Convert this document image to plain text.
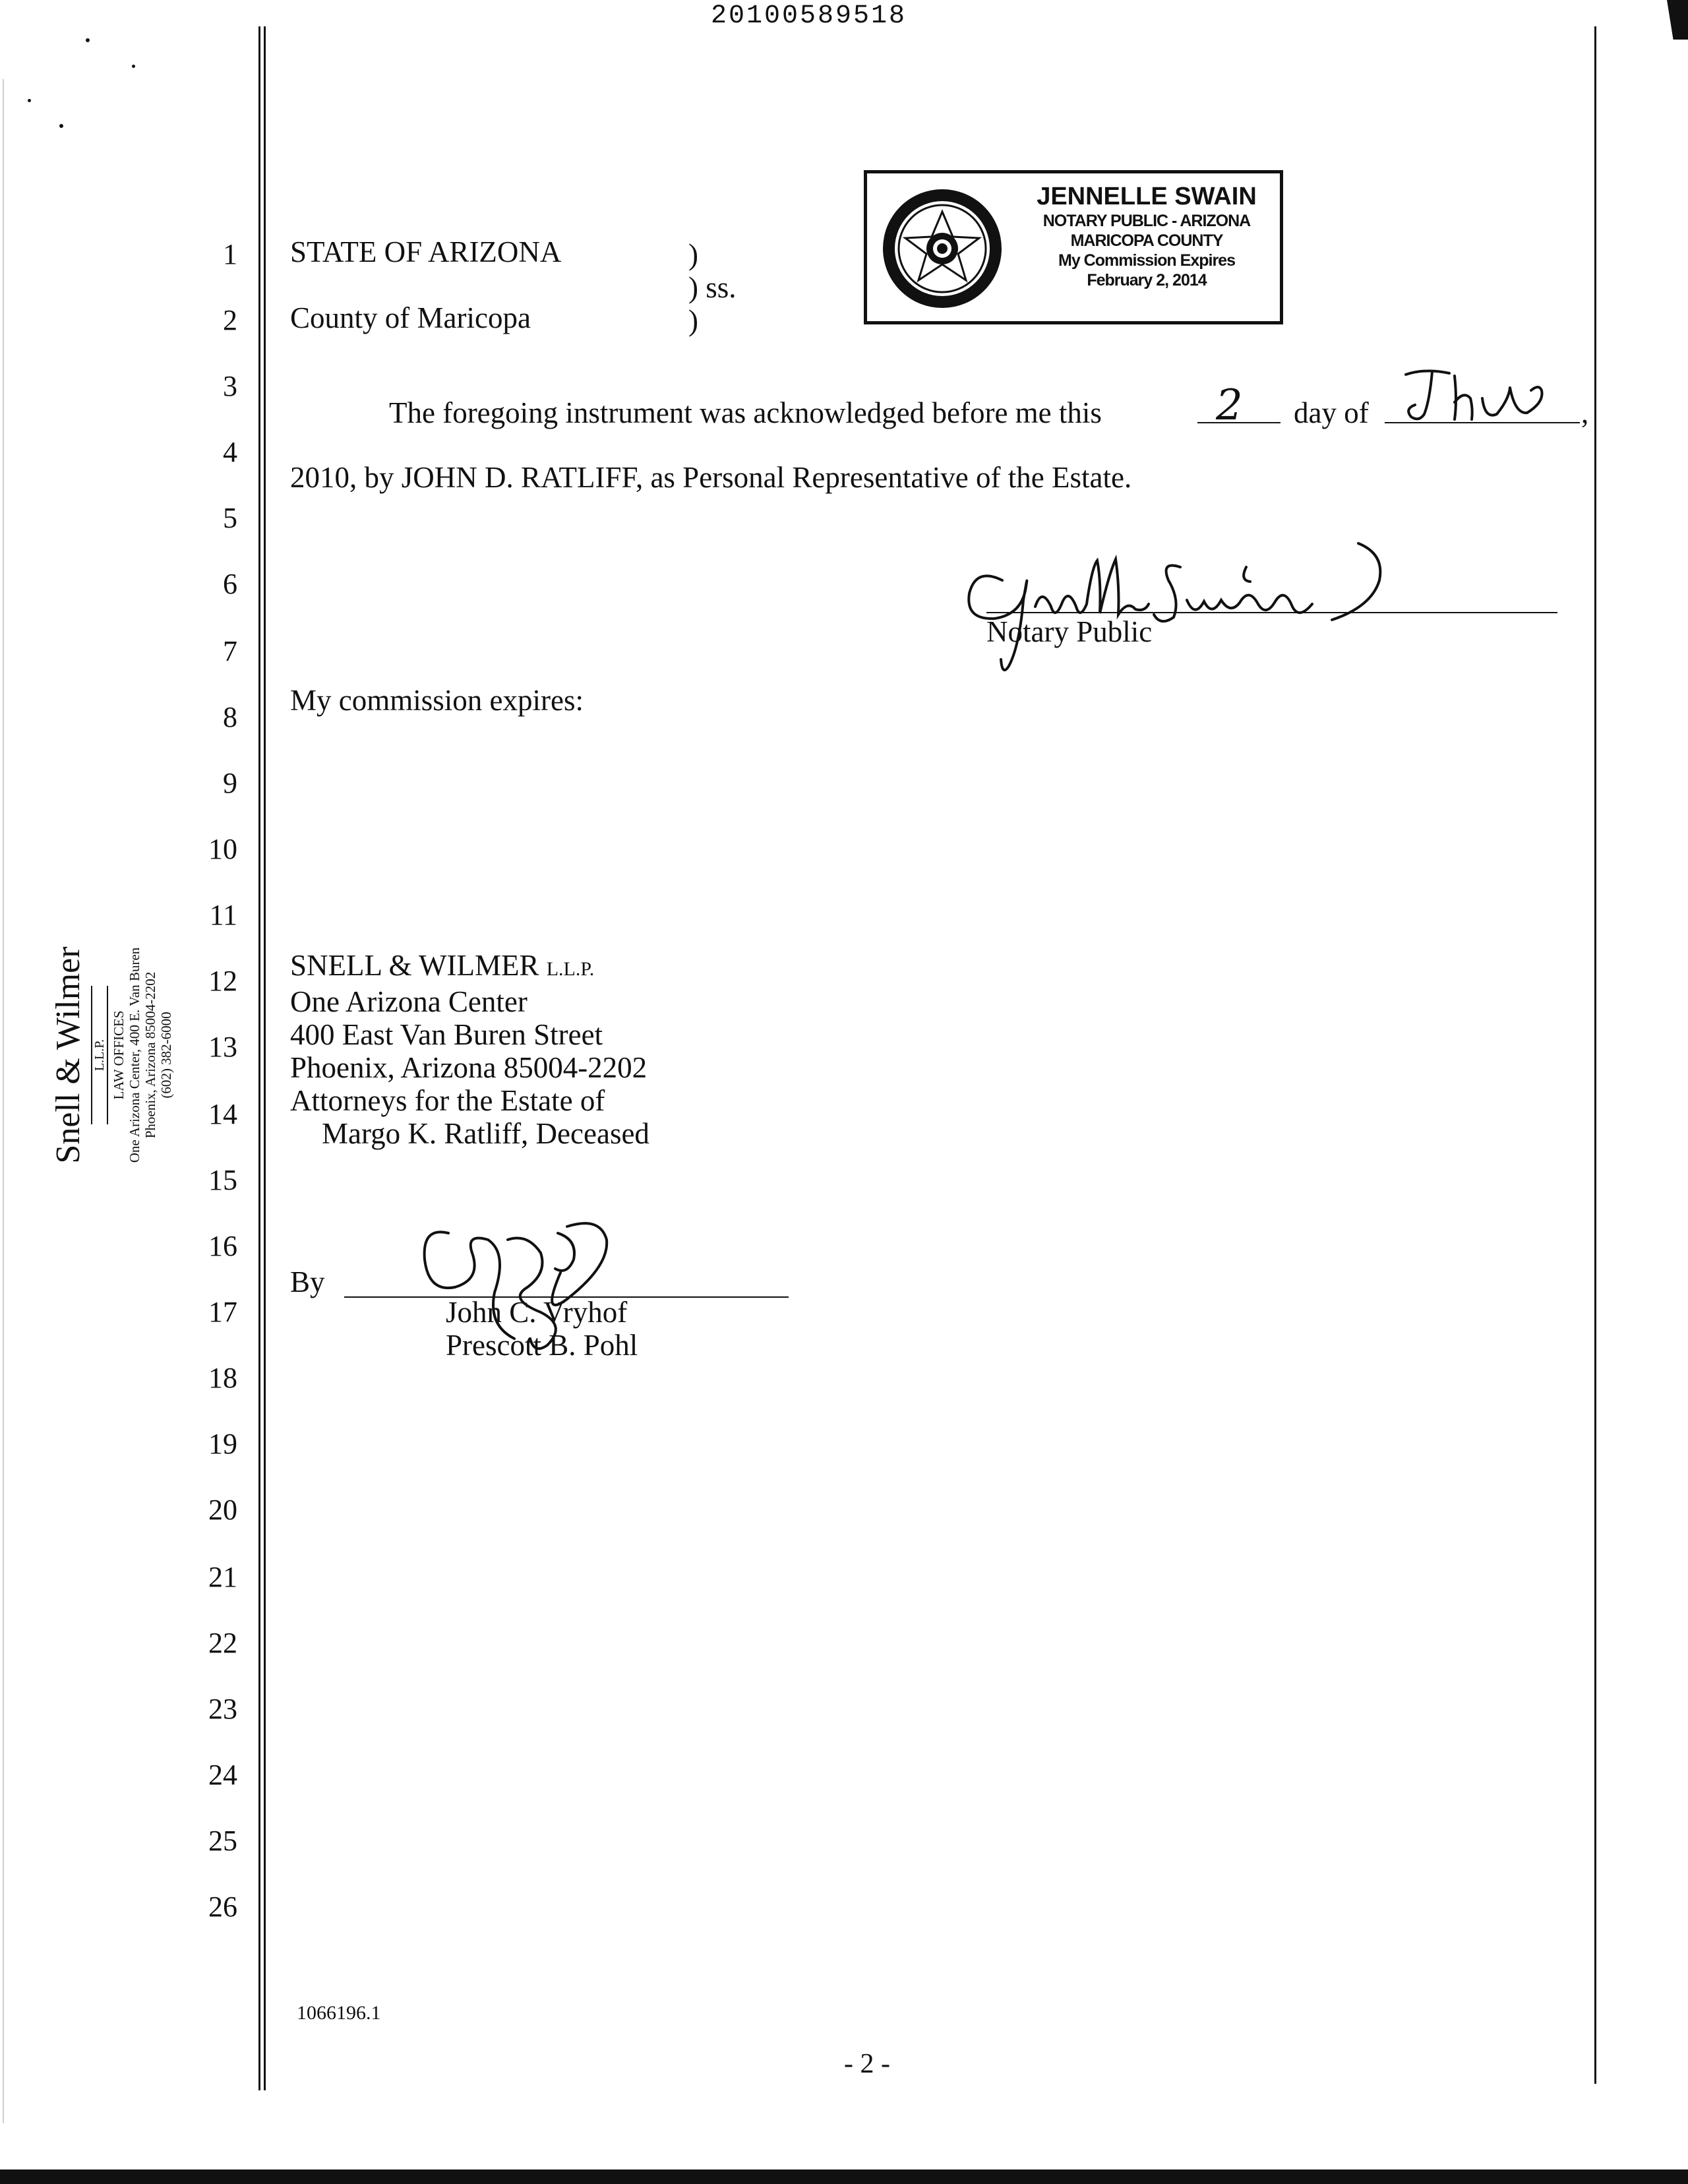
20100589518
1
2
3
4
5
6
7
8
9
10
11
12
13
14
15
16
17
18
19
20
21
22
23
24
25
26
Snell & Wilmer L.L.P. LAW OFFICES One Arizona Center, 400 E. Van Buren Phoenix, Arizona 85004-2202 (602) 382-6000
STATE OF ARIZONA
County of Maricopa
)
) ss.
)
JENNELLE SWAIN
NOTARY PUBLIC - ARIZONA
MARICOPA COUNTY
My Commission Expires
February 2, 2014
The foregoing instrument was acknowledged before me this	2 day of	,
2010, by JOHN D. RATLIFF, as Personal Representative of the Estate.
Notary Public
My commission expires:
SNELL & WILMER L.L.P.
One Arizona Center
400 East Van Buren Street
Phoenix, Arizona 85004-2202
Attorneys for the Estate of
Margo K. Ratliff, Deceased
By
John C. Vryhof
Prescott B. Pohl
1066196.1
- 2 -
